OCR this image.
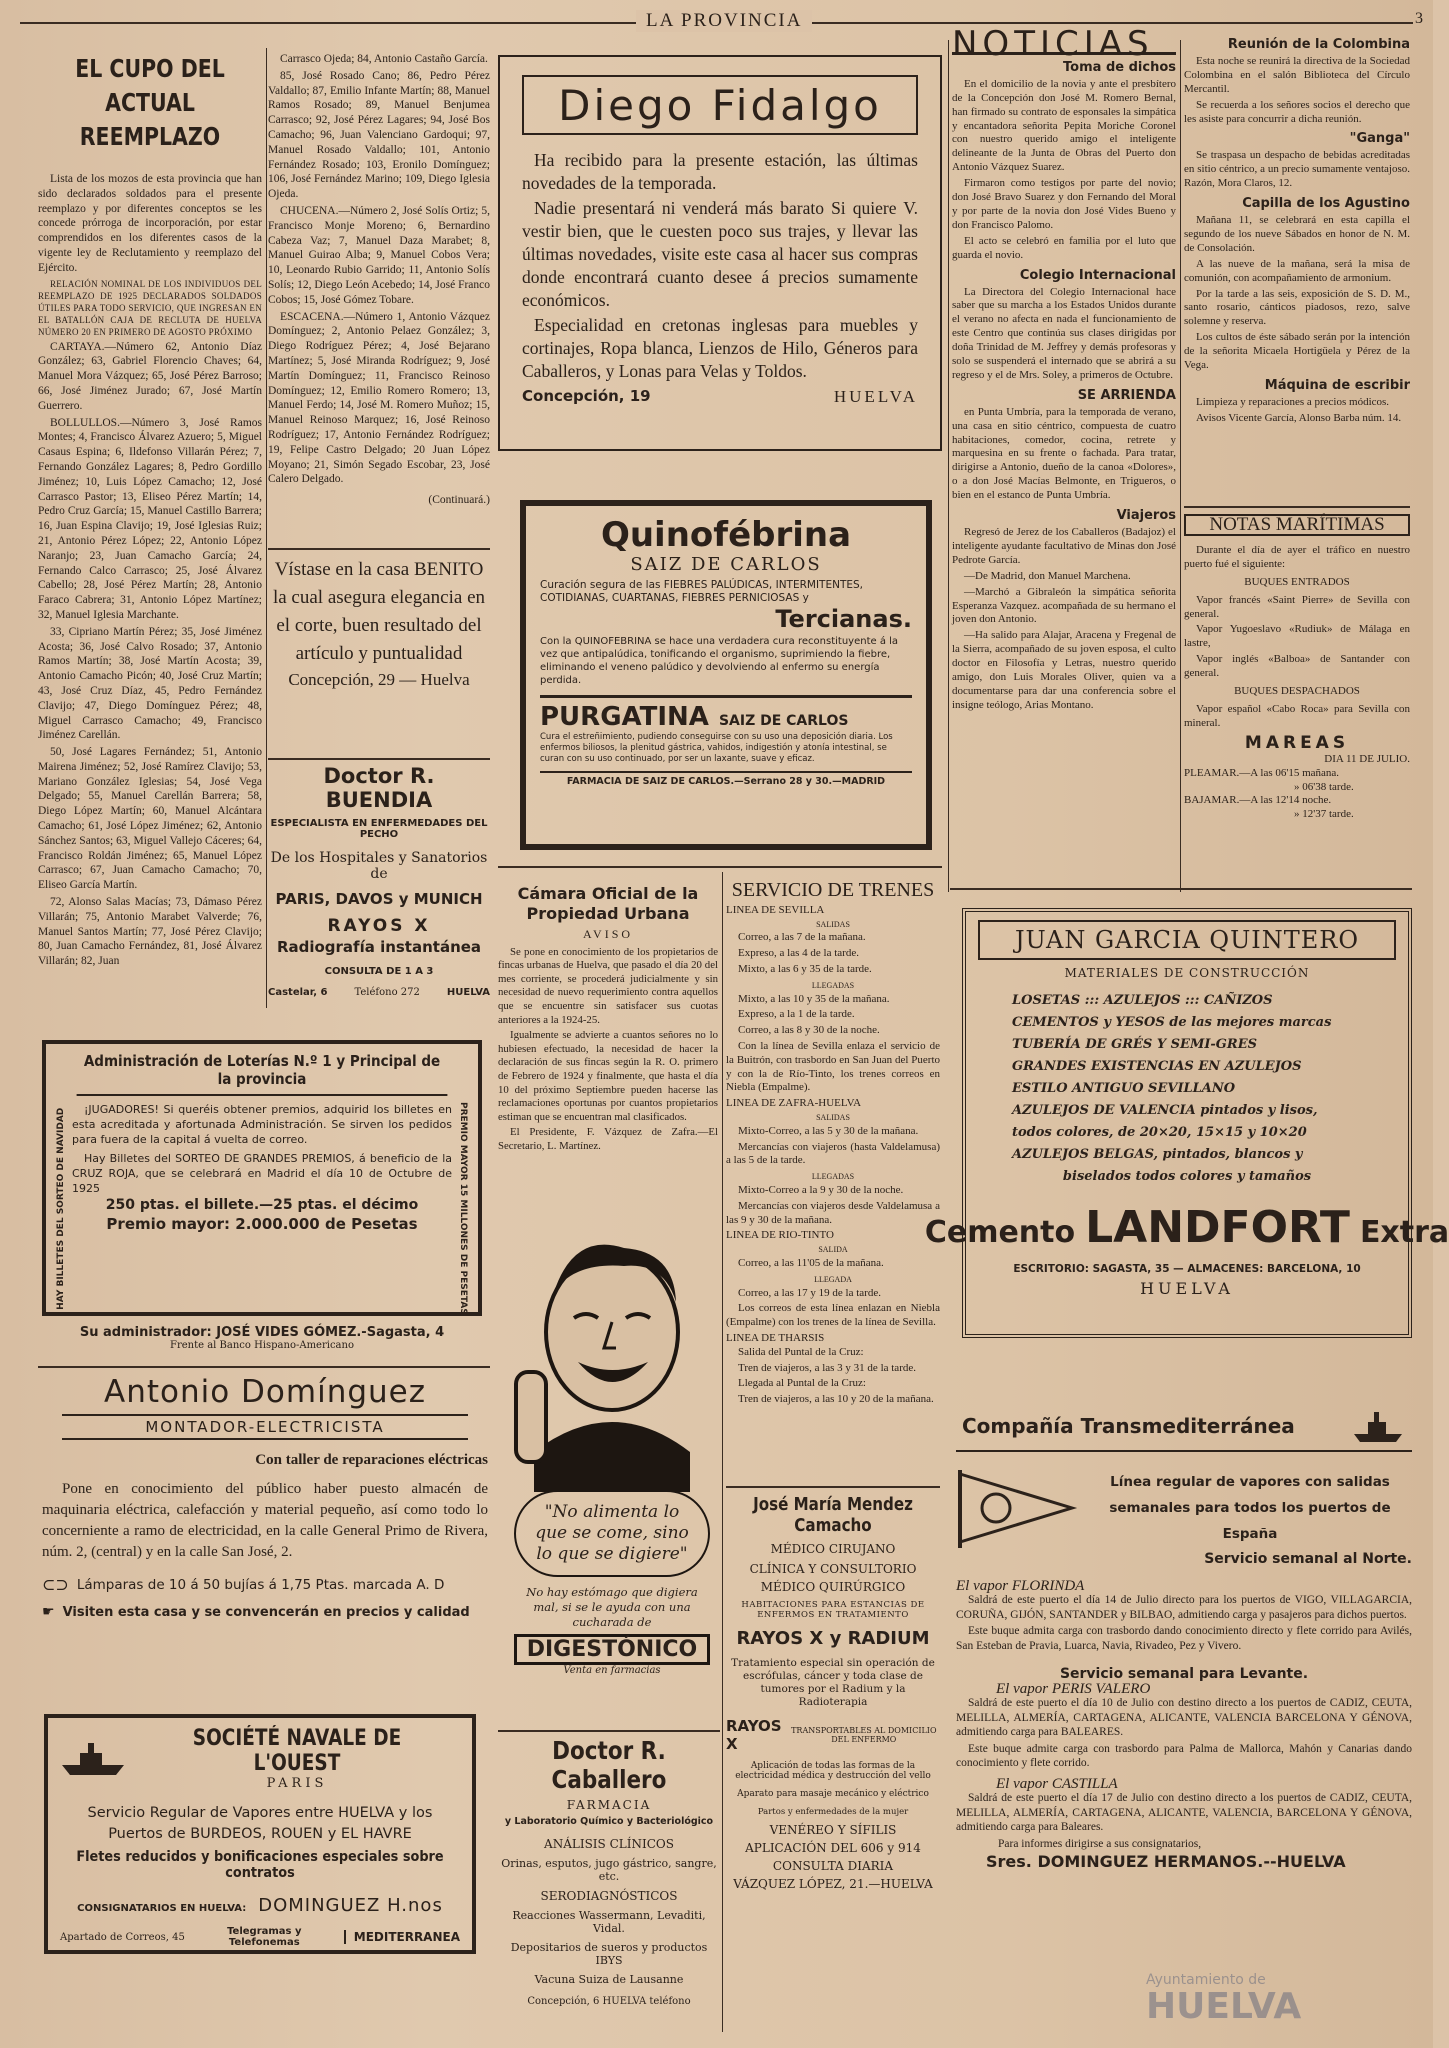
LA PROVINCIA	3
EL CUPO DEL ACTUAL REEMPLAZO
Lista de los mozos de esta provincia que han sido declarados soldados para el presente reemplazo y por diferentes conceptos se les concede prórroga de incorporación, por estar comprendidos en los diferentes casos de la vigente ley de Reclutamiento y reemplazo del Ejército.
RELACIÓN NOMINAL DE LOS INDIVIDUOS DEL REEMPLAZO DE 1925 DECLARADOS SOLDADOS ÚTILES PARA TODO SERVICIO, QUE INGRESAN EN EL BATALLÓN CAJA DE RECLUTA DE HUELVA NÚMERO 20 EN PRIMERO DE AGOSTO PRÓXIMO
CARTAYA.—Número 62, Antonio Díaz González; 63, Gabriel Florencio Chaves; 64, Manuel Mora Vázquez; 65, José Pérez Barroso; 66, José Jiménez Jurado; 67, José Martín Guerrero.
BOLLULLOS.—Número 3, José Ramos Montes; 4, Francisco Álvarez Azuero; 5, Miguel Casaus Espina; 6, Ildefonso Villarán Pérez; 7, Fernando González Lagares; 8, Pedro Gordillo Jiménez; 10, Luis López Camacho; 12, José Carrasco Pastor; 13, Eliseo Pérez Martín; 14, Pedro Cruz García; 15, Manuel Castillo Barrera; 16, Juan Espina Clavijo; 19, José Iglesias Ruiz; 21, Antonio Pérez López; 22, Antonio López Naranjo; 23, Juan Camacho García; 24, Fernando Calco Carrasco; 25, José Álvarez Cabello; 28, José Pérez Martín; 28, Antonio Faraco Cabrera; 31, Antonio López Martínez; 32, Manuel Iglesia Marchante.
33, Cipriano Martín Pérez; 35, José Jiménez Acosta; 36, José Calvo Rosado; 37, Antonio Ramos Martín; 38, José Martín Acosta; 39, Antonio Camacho Picón; 40, José Cruz Martín; 43, José Cruz Díaz, 45, Pedro Fernández Clavijo; 47, Diego Domínguez Pérez; 48, Miguel Carrasco Camacho; 49, Francisco Jiménez Carellán.
50, José Lagares Fernández; 51, Antonio Mairena Jiménez; 52, José Ramírez Clavijo; 53, Mariano González Iglesias; 54, José Vega Delgado; 55, Manuel Carellán Barrera; 58, Diego López Martín; 60, Manuel Alcántara Camacho; 61, José López Jiménez; 62, Antonio Sánchez Santos; 63, Miguel Vallejo Cáceres; 64, Francisco Roldán Jiménez; 65, Manuel López Carrasco; 67, Juan Camacho Camacho; 70, Eliseo García Martín.
72, Alonso Salas Macías; 73, Dámaso Pérez Villarán; 75, Antonio Marabet Valverde; 76, Manuel Santos Martín; 77, José Pérez Clavijo; 80, Juan Camacho Fernández, 81, José Álvarez Villarán; 82, Juan
Carrasco Ojeda; 84, Antonio Castaño García.
85, José Rosado Cano; 86, Pedro Pérez Valdallo; 87, Emilio Infante Martín; 88, Manuel Ramos Rosado; 89, Manuel Benjumea Carrasco; 92, José Pérez Lagares; 94, José Bos Camacho; 96, Juan Valenciano Gardoqui; 97, Manuel Rosado Valdallo; 101, Antonio Fernández Rosado; 103, Eronilo Domínguez; 106, José Fernández Marino; 109, Diego Iglesia Ojeda.
CHUCENA.—Número 2, José Solís Ortiz; 5, Francisco Monje Moreno; 6, Bernardino Cabeza Vaz; 7, Manuel Daza Marabet; 8, Manuel Guirao Alba; 9, Manuel Cobos Vera; 10, Leonardo Rubio Garrido; 11, Antonio Solís Solís; 12, Diego León Acebedo; 14, José Franco Cobos; 15, José Gómez Tobare.
ESCACENA.—Número 1, Antonio Vázquez Domínguez; 2, Antonio Pelaez González; 3, Diego Rodríguez Pérez; 4, José Bejarano Martínez; 5, José Miranda Rodríguez; 9, José Martín Domínguez; 11, Francisco Reinoso Domínguez; 12, Emilio Romero Romero; 13, Manuel Ferdo; 14, José M. Romero Muñoz; 15, Manuel Reinoso Marquez; 16, José Reinoso Rodríguez; 17, Antonio Fernández Rodríguez; 19, Felipe Castro Delgado; 20 Juan López Moyano; 21, Simón Segado Escobar, 23, José Calero Delgado.
(Continuará.)
Vístase en la casa BENITO la cual asegura elegancia en el corte, buen resultado del artículo y puntualidad
Concepción, 29 — Huelva
Doctor R. BUENDIA
ESPECIALISTA EN ENFERMEDADES DEL PECHO
De los Hospitales y Sanatorios de
PARIS, DAVOS y MUNICH
RAYOS X
Radiografía instantánea
CONSULTA DE 1 A 3
Castelar, 6	Teléfono 272	HUELVA
Diego Fidalgo
Ha recibido para la presente estación, las últimas novedades de la temporada.
Nadie presentará ni venderá más barato Si quiere V. vestir bien, que le cuesten poco sus trajes, y llevar las últimas novedades, visite este casa al hacer sus compras donde encontrará cuanto desee á precios sumamente económicos.
Especialidad en cretonas inglesas para muebles y cortinajes, Ropa blanca, Lienzos de Hilo, Géneros para Caballeros, y Lonas para Velas y Toldos.
Concepción, 19	HUELVA
Quinofébrina
SAIZ DE CARLOS
Curación segura de las FIEBRES PALÚDICAS, INTERMITENTES, COTIDIANAS, CUARTANAS, FIEBRES PERNICIOSAS y
Tercianas.
Con la QUINOFEBRINA se hace una verdadera cura reconstituyente á la vez que antipalúdica, tonificando el organismo, suprimiendo la fiebre, eliminando el veneno palúdico y devolviendo al enfermo su energía perdida.
PURGATINA SAIZ DE CARLOS
Cura el estreñimiento, pudiendo conseguirse con su uso una deposición diaria. Los enfermos biliosos, la plenitud gástrica, vahidos, indigestión y atonía intestinal, se curan con su uso continuado, por ser un laxante, suave y eficaz.
FARMACIA DE SAIZ DE CARLOS.—Serrano 28 y 30.—MADRID
Cámara Oficial de la Propiedad Urbana
AVISO
Se pone en conocimiento de los propietarios de fincas urbanas de Huelva, que pasado el día 20 del mes corriente, se procederá judicialmente y sin necesidad de nuevo requerimiento contra aquellos que se encuentre sin satisfacer sus cuotas anteriores a la 1924-25.
Igualmente se advierte a cuantos señores no lo hubiesen efectuado, la necesidad de hacer la declaración de sus fincas según la R. O. primero de Febrero de 1924 y finalmente, que hasta el día 10 del próximo Septiembre pueden hacerse las reclamaciones oportunas por cuantos propietarios estiman que se encuentran mal clasificados.
El Presidente, F. Vázquez de Zafra.—El Secretario, L. Martínez.
"No alimenta lo que se come, sino lo que se digiere"
No hay estómago que digiera mal, si se le ayuda con una cucharada de
DIGESTÓNICO
Venta en farmacias
Doctor R. Caballero
FARMACIA
y Laboratorio Químico y Bacteriológico
ANÁLISIS CLÍNICOS
Orinas, esputos, jugo gástrico, sangre, etc.
SERODIAGNÓSTICOS
Reacciones Wassermann, Levaditi, Vidal.
Depositarios de sueros y productos IBYS
Vacuna Suiza de Lausanne
Concepción, 6 HUELVA teléfono
SERVICIO DE TRENES
LINEA DE SEVILLA
SALIDAS
Correo, a las 7 de la mañana.
Expreso, a las 4 de la tarde.
Mixto, a las 6 y 35 de la tarde.
LLEGADAS
Mixto, a las 10 y 35 de la mañana.
Expreso, a la 1 de la tarde.
Correo, a las 8 y 30 de la noche.
Con la línea de Sevilla enlaza el servicio de la Buitrón, con trasbordo en San Juan del Puerto y con la de Río-Tinto, los trenes correos en Niebla (Empalme).
LINEA DE ZAFRA-HUELVA
SALIDAS
Mixto-Correo, a las 5 y 30 de la mañana.
Mercancías con viajeros (hasta Valdelamusa) a las 5 de la tarde.
LLEGADAS
Mixto-Correo a la 9 y 30 de la noche.
Mercancías con viajeros desde Valdelamusa a las 9 y 30 de la mañana.
LINEA DE RIO-TINTO
SALIDA
Correo, a las 11'05 de la mañana.
LLEGADA
Correo, a las 17 y 19 de la tarde.
Los correos de esta línea enlazan en Niebla (Empalme) con los trenes de la línea de Sevilla.
LINEA DE THARSIS
Salida del Puntal de la Cruz:
Tren de viajeros, a las 3 y 31 de la tarde.
Llegada al Puntal de la Cruz:
Tren de viajeros, a las 10 y 20 de la mañana.
José María Mendez Camacho
MÉDICO CIRUJANO
CLÍNICA Y CONSULTORIO
MÉDICO QUIRÚRGICO
HABITACIONES PARA ESTANCIAS DE ENFERMOS EN TRATAMIENTO
RAYOS X y RADIUM
Tratamiento especial sin operación de escrófulas, cáncer y toda clase de tumores por el Radium y la Radioterapia
RAYOS X
TRANSPORTABLES AL DOMICILIO DEL ENFERMO
Aplicación de todas las formas de la electricidad médica y destrucción del vello
Aparato para masaje mecánico y eléctrico
Partos y enfermedades de la mujer
VENÉREO Y SÍFILIS
APLICACIÓN DEL 606 y 914
CONSULTA DIARIA
VÁZQUEZ LÓPEZ, 21.—HUELVA
NOTICIAS
Toma de dichos
En el domicilio de la novia y ante el presbítero de la Concepción don José M. Romero Bernal, han firmado su contrato de esponsales la simpática y encantadora señorita Pepita Moriche Coronel con nuestro querido amigo el inteligente delineante de la Junta de Obras del Puerto don Antonio Vázquez Suarez.
Firmaron como testigos por parte del novio; don José Bravo Suarez y don Fernando del Moral y por parte de la novia don José Vides Bueno y don Francisco Palomo.
El acto se celebró en familia por el luto que guarda el novio.
Colegio Internacional
La Directora del Colegio Internacional hace saber que su marcha a los Estados Unidos durante el verano no afecta en nada el funcionamiento de este Centro que continúa sus clases dirigidas por doña Trinidad de M. Jeffrey y demás profesoras y solo se suspenderá el internado que se abrirá a su regreso y el de Mrs. Soley, a primeros de Octubre.
SE ARRIENDA
en Punta Umbría, para la temporada de verano, una casa en sitio céntrico, compuesta de cuatro habitaciones, comedor, cocina, retrete y marquesina en su frente o fachada. Para tratar, dirigirse a Antonio, dueño de la canoa «Dolores», o a don José Macías Belmonte, en Trigueros, o bien en el estanco de Punta Umbría.
Viajeros
Regresó de Jerez de los Caballeros (Badajoz) el inteligente ayudante facultativo de Minas don José Pedrote García.
—De Madrid, don Manuel Marchena.
—Marchó a Gibraleón la simpática señorita Esperanza Vazquez. acompañada de su hermano el joven don Antonio.
—Ha salido para Alajar, Aracena y Fregenal de la Sierra, acompañado de su joven esposa, el culto doctor en Filosofía y Letras, nuestro querido amigo, don Luis Morales Oliver, quien va a documentarse para dar una conferencia sobre el insigne teólogo, Arias Montano.
Reunión de la Colombina
Esta noche se reunirá la directiva de la Sociedad Colombina en el salón Biblioteca del Círculo Mercantil.
Se recuerda a los señores socios el derecho que les asiste para concurrir a dicha reunión.
"Ganga"
Se traspasa un despacho de bebidas acreditadas en sitio céntrico, a un precio sumamente ventajoso. Razón, Mora Claros, 12.
Capilla de los Agustino
Mañana 11, se celebrará en esta capilla el segundo de los nueve Sábados en honor de N. M. de Consolación.
A las nueve de la mañana, será la misa de comunión, con acompañamiento de armonium.
Por la tarde a las seis, exposición de S. D. M., santo rosario, cánticos piadosos, rezo, salve solemne y reserva.
Los cultos de éste sábado serán por la intención de la señorita Micaela Hortigüela y Pérez de la Vega.
Máquina de escribir
Limpieza y reparaciones a precios módicos.
Avisos Vicente García, Alonso Barba núm. 14.
NOTAS MARÍTIMAS
Durante el día de ayer el tráfico en nuestro puerto fué el siguiente:
BUQUES ENTRADOS
Vapor francés «Saint Pierre» de Sevilla con general.
Vapor Yugoeslavo «Rudiuk» de Málaga en lastre,
Vapor inglés «Balboa» de Santander con general.
BUQUES DESPACHADOS
Vapor español «Cabo Roca» para Sevilla con mineral.
MAREAS
DIA 11 DE JULIO.
PLEAMAR.—A las 06'15 mañana.
» 06'38 tarde.
BAJAMAR.—A las 12'14 noche.
» 12'37 tarde.
JUAN GARCIA QUINTERO
MATERIALES DE CONSTRUCCIÓN
LOSETAS ::: AZULEJOS ::: CAÑIZOS
CEMENTOS y YESOS de las mejores marcas
TUBERÍA DE GRÉS Y SEMI-GRES
GRANDES EXISTENCIAS EN AZULEJOS
ESTILO ANTIGUO SEVILLANO
AZULEJOS DE VALENCIA pintados y lisos,
todos colores, de 20×20, 15×15 y 10×20
AZULEJOS BELGAS, pintados, blancos y
biselados todos colores y tamaños
Cemento LANDFORT Extra
ESCRITORIO: SAGASTA, 35 — ALMACENES: BARCELONA, 10
HUELVA
Compañía Transmediterránea
Línea regular de vapores con salidas semanales para todos los puertos de España
Servicio semanal al Norte.
El vapor FLORINDA
Saldrá de este puerto el día 14 de Julio directo para los puertos de VIGO, VILLAGARCIA, CORUÑA, GIJÓN, SANTANDER y BILBAO, admitiendo carga y pasajeros para dichos puertos.
Este buque admita carga con trasbordo dando conocimiento directo y flete corrido para Avilés, San Esteban de Pravia, Luarca, Navia, Rivadeo, Pez y Vivero.
Servicio semanal para Levante.
El vapor PERIS VALERO
Saldrá de este puerto el día 10 de Julio con destino directo a los puertos de CADIZ, CEUTA, MELILLA, ALMERÍA, CARTAGENA, ALICANTE, VALENCIA BARCELONA Y GÉNOVA, admitiendo carga para BALEARES.
Este buque admite carga con trasbordo para Palma de Mallorca, Mahón y Canarias dando conocimiento y flete corrido.
El vapor CASTILLA
Saldrá de este puerto el día 17 de Julio con destino directo a los puertos de CADIZ, CEUTA, MELILLA, ALMERÍA, CARTAGENA, ALICANTE, VALENCIA, BARCELONA Y GÉNOVA, admitiendo carga para Baleares.
Para informes dirigirse a sus consignatarios,
Sres. DOMINGUEZ HERMANOS.--HUELVA
Administración de Loterías N.º 1 y Principal de la provincia
HAY BILLETES DEL SORTEO DE NAVIDAD	¡JUGADORES! Si queréis obtener premios, adquirid los billetes en esta acreditada y afortunada Administración. Se sirven los pedidos para fuera de la capital á vuelta de correo.
Hay Billetes del SORTEO DE GRANDES PREMIOS, á beneficio de la CRUZ ROJA, que se celebrará en Madrid el día 10 de Octubre de 1925
250 ptas. el billete.—25 ptas. el décimo
Premio mayor: 2.000.000 de Pesetas	PREMIO MAYOR 15 MILLONES DE PESETAS
Su administrador: JOSÉ VIDES GÓMEZ.-Sagasta, 4
Frente al Banco Hispano-Americano
Antonio Domínguez
MONTADOR-ELECTRICISTA
Con taller de reparaciones eléctricas
Pone en conocimiento del público haber puesto almacén de maquinaria eléctrica, calefacción y material pequeño, así como todo lo concerniente a ramo de electricidad, en la calle General Primo de Rivera, núm. 2, (central) y en la calle San José, 2.
⊂⊃ Lámparas de 10 á 50 bujías á 1,75 Ptas. marcada A. D
☛ Visiten esta casa y se convencerán en precios y calidad
SOCIÉTÉ NAVALE DE L'OUEST
PARIS
Servicio Regular de Vapores entre HUELVA y los Puertos de BURDEOS, ROUEN y EL HAVRE
Fletes reducidos y bonificaciones especiales sobre contratos
CONSIGNATARIOS EN HUELVA: DOMINGUEZ H.nos
Apartado de Correos, 45	Telegramas y Telefonemas	MEDITERRANEA
Ayuntamiento de
HUELVA
